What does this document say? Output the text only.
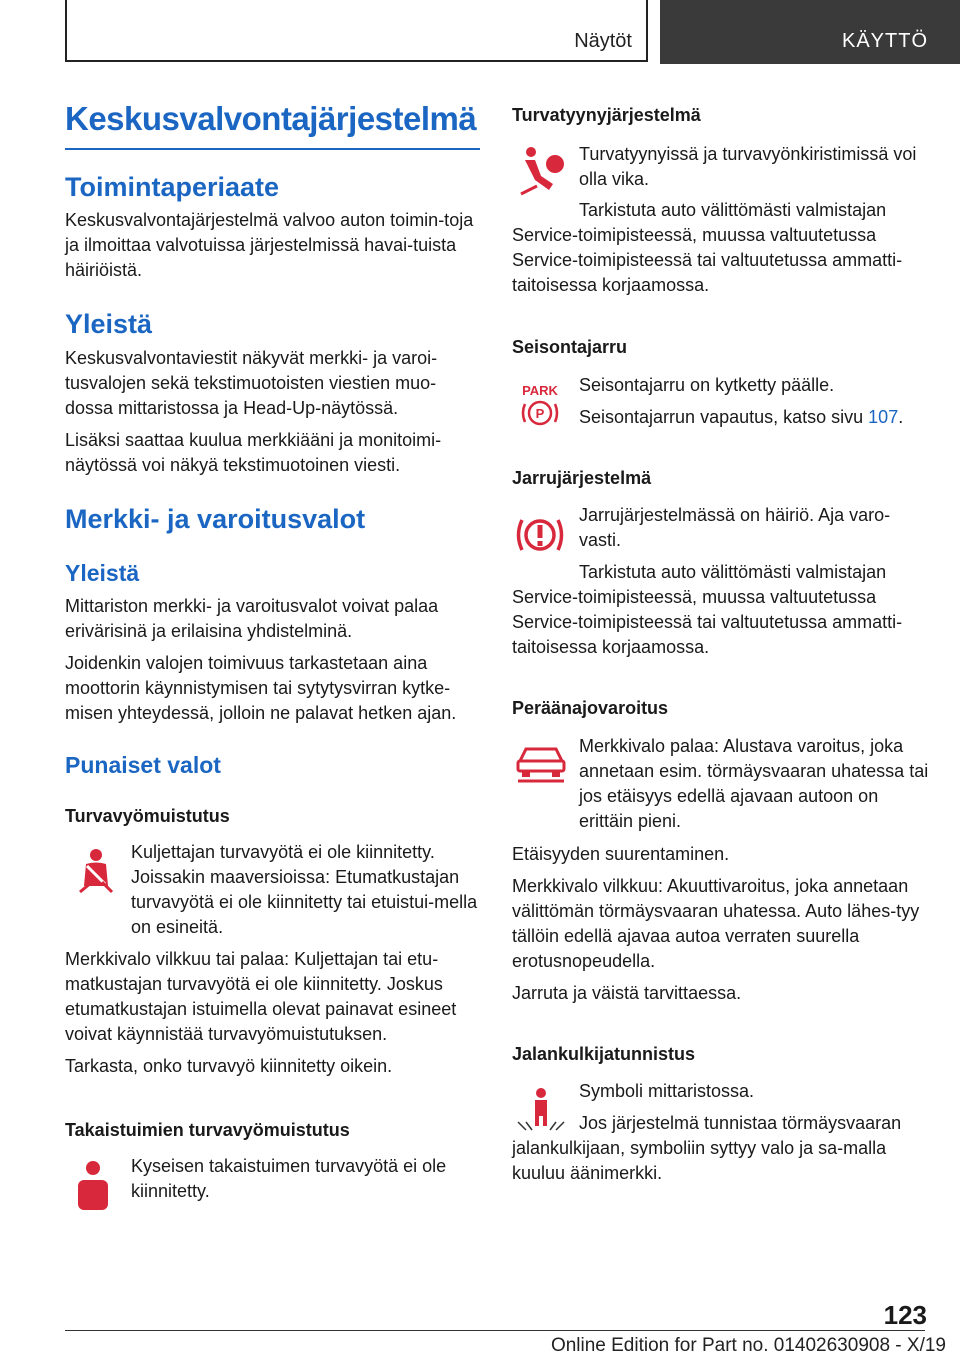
Näytöt	KÄYTTÖ
Keskusvalvontajärjestelmä
Toimintaperiaate

Keskusvalvontajärjestelmä valvoo auton toimin-toja ja ilmoittaa valvotuissa järjestelmissä havai-tuista häiriöistä.

Yleistä

Keskusvalvontaviestit näkyvät merkki- ja varoi-tusvalojen sekä tekstimuotoisten viestien muo-dossa mittaristossa ja Head-Up-näytössä.

Lisäksi saattaa kuulua merkkiääni ja monitoimi-näytössä voi näkyä tekstimuotoinen viesti.

Merkki- ja varoitusvalot
Yleistä

Mittariston merkki- ja varoitusvalot voivat palaa erivärisinä ja erilaisina yhdistelminä.

Joidenkin valojen toimivuus tarkastetaan aina moottorin käynnistymisen tai sytytysvirran kytke-misen yhteydessä, jolloin ne palavat hetken ajan.

Punaiset valot
Turvavyömuistutus

Kuljettajan turvavyötä ei ole kiinnitetty. Joissakin maaversioissa: Etumatkustajan turvavyötä ei ole kiinnitetty tai etuistui-mella on esineitä.

Merkkivalo vilkkuu tai palaa: Kuljettajan tai etu-matkustajan turvavyötä ei ole kiinnitetty. Joskus etumatkustajan istuimella olevat painavat esineet voivat käynnistää turvavyömuistutuksen.

Tarkasta, onko turvavyö kiinnitetty oikein.

Takaistuimien turvavyömuistutus

Kyseisen takaistuimen turvavyötä ei ole kiinnitetty.

Turvatyynyjärjestelmä

Turvatyynyissä ja turvavyönkiristimissä voi olla vika.

Tarkistuta auto välittömästi valmistajan Service-toimipisteessä, muussa valtuutetussa Service-toimipisteessä tai valtuutetussa ammatti-taitoisessa korjaamossa.

Seisontajarru
PARK
P

Seisontajarru on kytketty päälle.

Seisontajarrun vapautus, katso sivu 107.

Jarrujärjestelmä

Jarrujärjestelmässä on häiriö. Aja varo-vasti.

Tarkistuta auto välittömästi valmistajan Service-toimipisteessä, muussa valtuutetussa Service-toimipisteessä tai valtuutetussa ammatti-taitoisessa korjaamossa.

Peräänajovaroitus

Merkkivalo palaa: Alustava varoitus, joka annetaan esim. törmäysvaaran uhatessa tai jos etäisyys edellä ajavaan autoon on erittäin pieni.

Etäisyyden suurentaminen.

Merkkivalo vilkkuu: Akuuttivaroitus, joka annetaan välittömän törmäysvaaran uhatessa. Auto lähes-tyy tällöin edellä ajavaa autoa verraten suurella erotusnopeudella.

Jarruta ja väistä tarvittaessa.

Jalankulkijatunnistus

Symboli mittaristossa.

Jos järjestelmä tunnistaa törmäysvaaran jalankulkijaan, symboliin syttyy valo ja sa-malla kuuluu äänimerkki.

123
Online Edition for Part no. 01402630908 - X/19
